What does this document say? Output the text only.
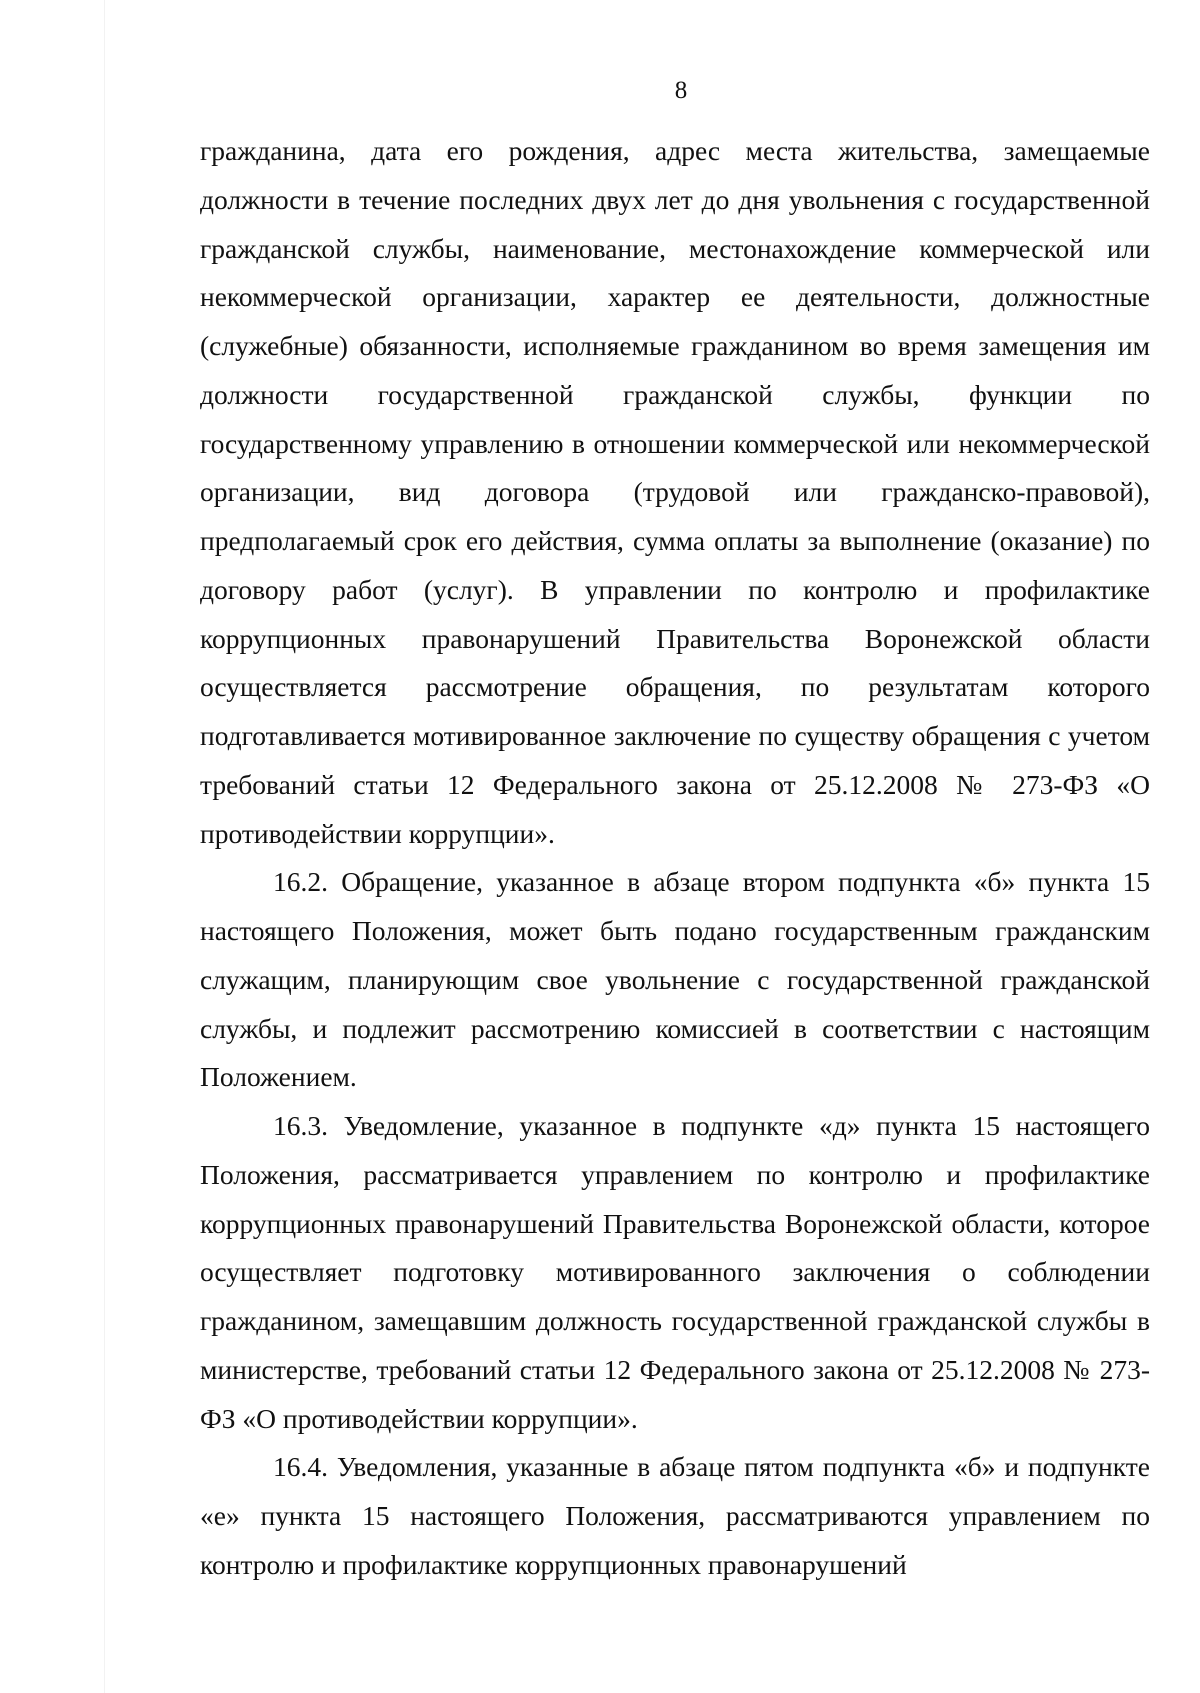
8

гражданина, дата его рождения, адрес места жительства, замещаемые должности в течение последних двух лет до дня увольнения с государственной гражданской службы, наименование, местонахождение коммерческой или некоммерческой организации, характер ее деятельности, должностные (служебные) обязанности, исполняемые гражданином во время замещения им должности государственной гражданской службы, функции по государственному управлению в отношении коммерческой или некоммерческой организации, вид договора (трудовой или гражданско-правовой), предполагаемый срок его действия, сумма оплаты за выполнение (оказание) по договору работ (услуг). В управлении по контролю и профилактике коррупционных правонарушений Правительства Воронежской области осуществляется рассмотрение обращения, по результатам которого подготавливается мотивированное заключение по существу обращения с учетом требований статьи 12 Федерального закона от 25.12.2008 № 273-ФЗ «О противодействии коррупции».

16.2. Обращение, указанное в абзаце втором подпункта «б» пункта 15 настоящего Положения, может быть подано государственным гражданским служащим, планирующим свое увольнение с государственной гражданской службы, и подлежит рассмотрению комиссией в соответствии с настоящим Положением.

16.3. Уведомление, указанное в подпункте «д» пункта 15 настоящего Положения, рассматривается управлением по контролю и профилактике коррупционных правонарушений Правительства Воронежской области, которое осуществляет подготовку мотивированного заключения о соблюдении гражданином, замещавшим должность государственной гражданской службы в министерстве, требований статьи 12 Федерального закона от 25.12.2008 № 273-ФЗ «О противодействии коррупции».

16.4. Уведомления, указанные в абзаце пятом подпункта «б» и подпункте «е» пункта 15 настоящего Положения, рассматриваются управлением по контролю и профилактике коррупционных правонарушений
